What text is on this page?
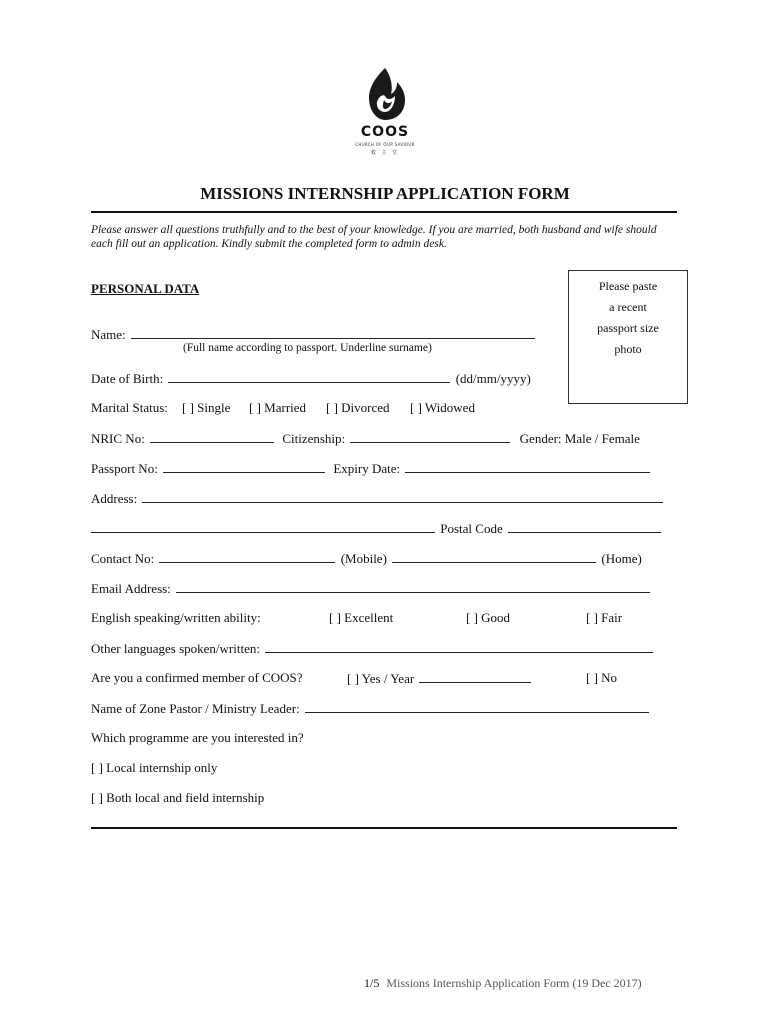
COOS
CHURCH OF OUR SAVIOUR
救 主 堂
MISSIONS INTERNSHIP APPLICATION FORM
Please answer all questions truthfully and to the best of your knowledge. If you are married, both husband and wife should each fill out an application. Kindly submit the completed form to admin desk.
Please paste
a recent
passport size
photo
PERSONAL DATA
Name:
(Full name according to passport. Underline surname)
Date of Birth:	(dd/mm/yyyy)
Marital Status: [ ] Single [ ] Married [ ] Divorced [ ] Widowed
NRIC No:	Citizenship:	Gender: Male / Female
Passport No:	Expiry Date:
Address:
Postal Code
Contact No:	(Mobile)	(Home)
Email Address:
English speaking/written ability:	[ ] Excellent	[ ] Good	[ ] Fair
Other languages spoken/written:
Are you a confirmed member of COOS?	[ ] Yes / Year	[ ] No
Name of Zone Pastor / Ministry Leader:
Which programme are you interested in?
[ ] Local internship only
[ ] Both local and field internship
1/5 Missions Internship Application Form (19 Dec 2017)
